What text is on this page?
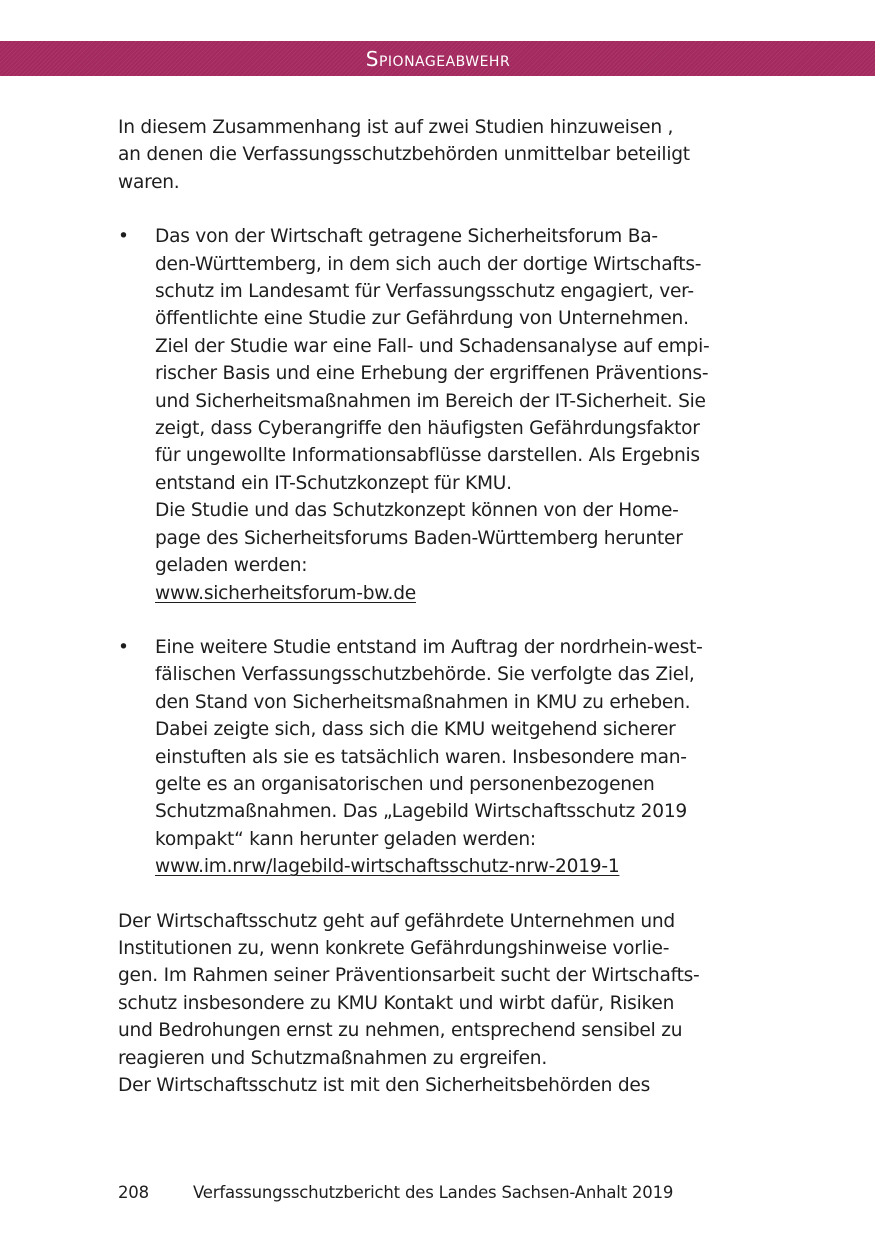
Spionageabwehr

In diesem Zusammenhang ist auf zwei Studien hinzuweisen ,
an denen die Verfassungsschutzbehörden unmittelbar beteiligt
waren.

• Das von der Wirtschaft getragene Sicherheitsforum Ba-
den-Württemberg, in dem sich auch der dortige Wirtschafts-
schutz im Landesamt für Verfassungsschutz engagiert, ver-
öffentlichte eine Studie zur Gefährdung von Unternehmen.
Ziel der Studie war eine Fall- und Schadensanalyse auf empi-
rischer Basis und eine Erhebung der ergriffenen Präventions-
und Sicherheitsmaßnahmen im Bereich der IT-Sicherheit. Sie
zeigt, dass Cyberangriffe den häufigsten Gefährdungsfaktor
für ungewollte Informationsabflüsse darstellen. Als Ergebnis
entstand ein IT-Schutzkonzept für KMU.
Die Studie und das Schutzkonzept können von der Home-
page des Sicherheitsforums Baden-Württemberg herunter
geladen werden:
www.sicherheitsforum-bw.de
• Eine weitere Studie entstand im Auftrag der nordrhein-west-
fälischen Verfassungsschutzbehörde. Sie verfolgte das Ziel,
den Stand von Sicherheitsmaßnahmen in KMU zu erheben.
Dabei zeigte sich, dass sich die KMU weitgehend sicherer
einstuften als sie es tatsächlich waren. Insbesondere man-
gelte es an organisatorischen und personenbezogenen
Schutzmaßnahmen. Das „Lagebild Wirtschaftsschutz 2019
kompakt“ kann herunter geladen werden:
www.im.nrw/lagebild-wirtschaftsschutz-nrw-2019-1

Der Wirtschaftsschutz geht auf gefährdete Unternehmen und
Institutionen zu, wenn konkrete Gefährdungshinweise vorlie-
gen. Im Rahmen seiner Präventionsarbeit sucht der Wirtschafts-
schutz insbesondere zu KMU Kontakt und wirbt dafür, Risiken
und Bedrohungen ernst zu nehmen, entsprechend sensibel zu
reagieren und Schutzmaßnahmen zu ergreifen.
Der Wirtschaftsschutz ist mit den Sicherheitsbehörden des

208	Verfassungsschutzbericht des Landes Sachsen-Anhalt 2019
